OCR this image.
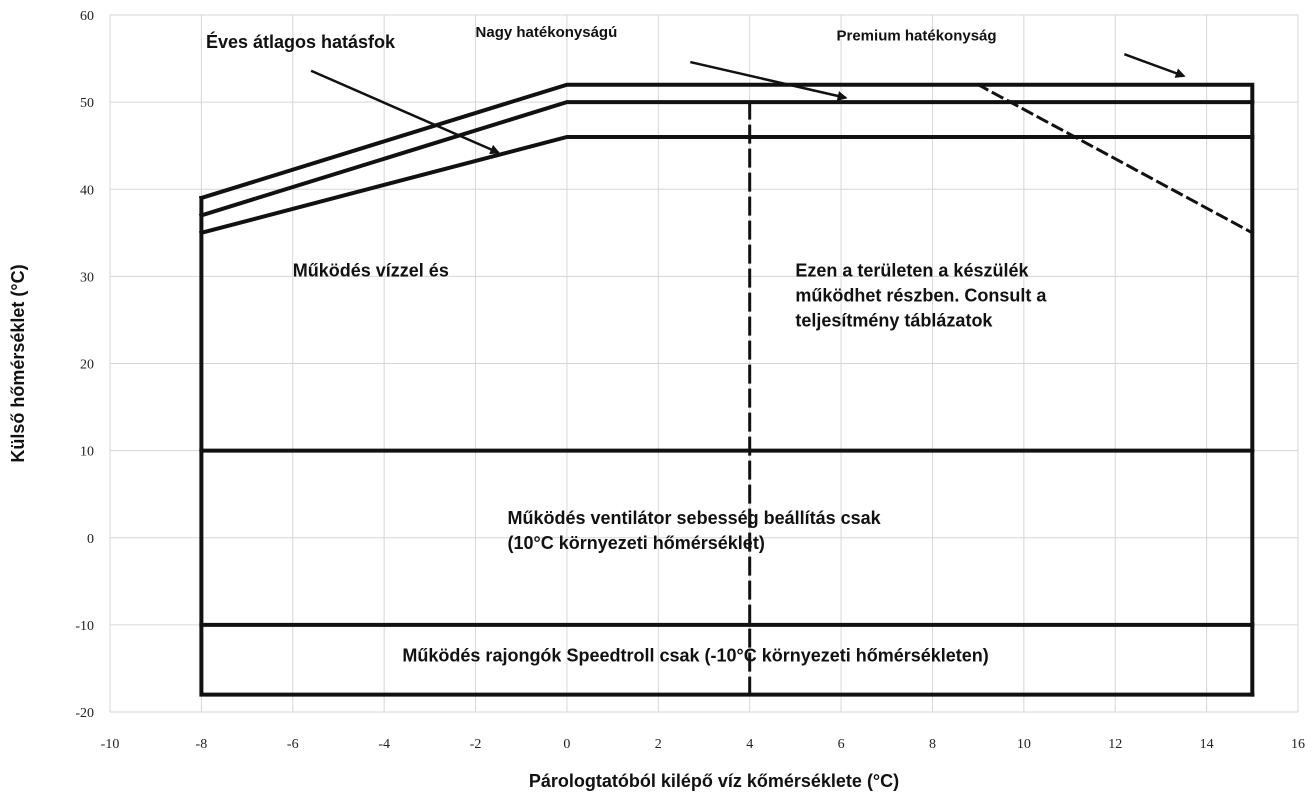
-10	-8	-6	-4	-2	0	2	4	6	8	10	12	14	16
-20
-10
0
10
20
30
40
50
60
Működés vízzel és	Ezen a területen a készülék
működhet részben. Consult a
teljesítmény táblázatok
Működés ventilátor sebesség beállítás csak
(10°C környezeti hőmérséklet)
Működés rajongók Speedtroll csak (-10°C környezeti hőmérsékleten)
Éves átlagos hatásfok	Nagy hatékonyságú	Premium hatékonyság
Párologtatóból kilépő víz kőmérséklete (°C)
Külső hőmérséklet (°C)
